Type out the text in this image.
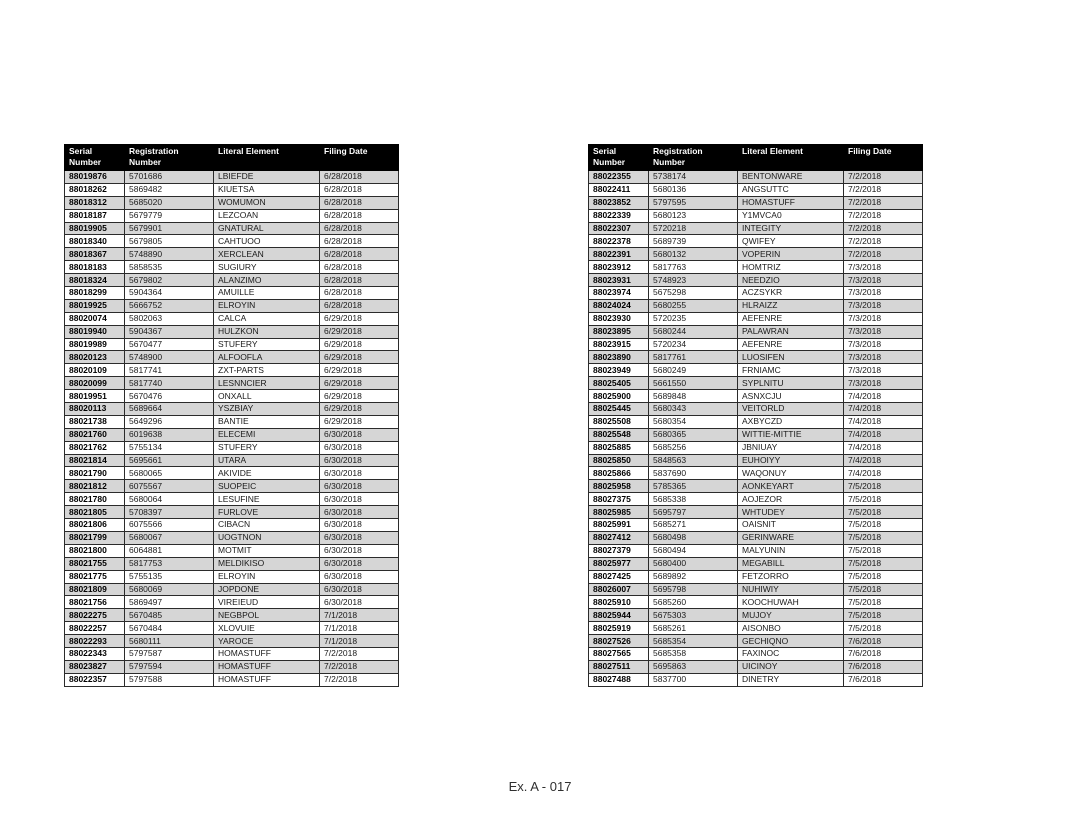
Serial Number	Registration Number	Literal Element	Filing Date
88019876	5701686	LBIEFDE	6/28/2018
88018262	5869482	KIUETSA	6/28/2018
88018312	5685020	WOMUMON	6/28/2018
88018187	5679779	LEZCOAN	6/28/2018
88019905	5679901	GNATURAL	6/28/2018
88018340	5679805	CAHTUOO	6/28/2018
88018367	5748890	XERCLEAN	6/28/2018
88018183	5858535	SUGIURY	6/28/2018
88018324	5679802	ALANZIMO	6/28/2018
88018299	5904364	AMUILLE	6/28/2018
88019925	5666752	ELROYIN	6/28/2018
88020074	5802063	CALCA	6/29/2018
88019940	5904367	HULZKON	6/29/2018
88019989	5670477	STUFERY	6/29/2018
88020123	5748900	ALFOOFLA	6/29/2018
88020109	5817741	ZXT-PARTS	6/29/2018
88020099	5817740	LESNNCIER	6/29/2018
88019951	5670476	ONXALL	6/29/2018
88020113	5689664	YSZBIAY	6/29/2018
88021738	5649296	BANTIE	6/29/2018
88021760	6019638	ELECEMI	6/30/2018
88021762	5755134	STUFERY	6/30/2018
88021814	5695661	UTARA	6/30/2018
88021790	5680065	AKIVIDE	6/30/2018
88021812	6075567	SUOPEIC	6/30/2018
88021780	5680064	LESUFINE	6/30/2018
88021805	5708397	FURLOVE	6/30/2018
88021806	6075566	CIBACN	6/30/2018
88021799	5680067	UOGTNON	6/30/2018
88021800	6064881	MOTMIT	6/30/2018
88021755	5817753	MELDIKISO	6/30/2018
88021775	5755135	ELROYIN	6/30/2018
88021809	5680069	JOPDONE	6/30/2018
88021756	5869497	VIREIEUD	6/30/2018
88022275	5670485	NEGBPOL	7/1/2018
88022257	5670484	XLOVUIE	7/1/2018
88022293	5680111	YAROCE	7/1/2018
88022343	5797587	HOMASTUFF	7/2/2018
88023827	5797594	HOMASTUFF	7/2/2018
88022357	5797588	HOMASTUFF	7/2/2018
Serial Number	Registration Number	Literal Element	Filing Date
88022355	5738174	BENTONWARE	7/2/2018
88022411	5680136	ANGSUTTC	7/2/2018
88023852	5797595	HOMASTUFF	7/2/2018
88022339	5680123	Y1MVCA0	7/2/2018
88022307	5720218	INTEGITY	7/2/2018
88022378	5689739	QWIFEY	7/2/2018
88022391	5680132	VOPERIN	7/2/2018
88023912	5817763	HOMTRIZ	7/3/2018
88023931	5748923	NEEDZIO	7/3/2018
88023974	5675298	ACZSYKR	7/3/2018
88024024	5680255	HLRAIZZ	7/3/2018
88023930	5720235	AEFENRE	7/3/2018
88023895	5680244	PALAWRAN	7/3/2018
88023915	5720234	AEFENRE	7/3/2018
88023890	5817761	LUOSIFEN	7/3/2018
88023949	5680249	FRNIAMC	7/3/2018
88025405	5661550	SYPLNITU	7/3/2018
88025900	5689848	ASNXCJU	7/4/2018
88025445	5680343	VEITORLD	7/4/2018
88025508	5680354	AXBYCZD	7/4/2018
88025548	5680365	WITTIE-MITTIE	7/4/2018
88025885	5685256	JBNIUAY	7/4/2018
88025850	5848563	EUHOIYY	7/4/2018
88025866	5837690	WAQONUY	7/4/2018
88025958	5785365	AONKEYART	7/5/2018
88027375	5685338	AOJEZOR	7/5/2018
88025985	5695797	WHTUDEY	7/5/2018
88025991	5685271	OAISNIT	7/5/2018
88027412	5680498	GERINWARE	7/5/2018
88027379	5680494	MALYUNIN	7/5/2018
88025977	5680400	MEGABILL	7/5/2018
88027425	5689892	FETZORRO	7/5/2018
88026007	5695798	NUHIWIY	7/5/2018
88025910	5685260	KOOCHUWAH	7/5/2018
88025944	5675303	MUJOY	7/5/2018
88025919	5685261	AISONBO	7/5/2018
88027526	5685354	GECHIQNO	7/6/2018
88027565	5685358	FAXINOC	7/6/2018
88027511	5695863	UICINOY	7/6/2018
88027488	5837700	DINETRY	7/6/2018
Ex. A - 017
